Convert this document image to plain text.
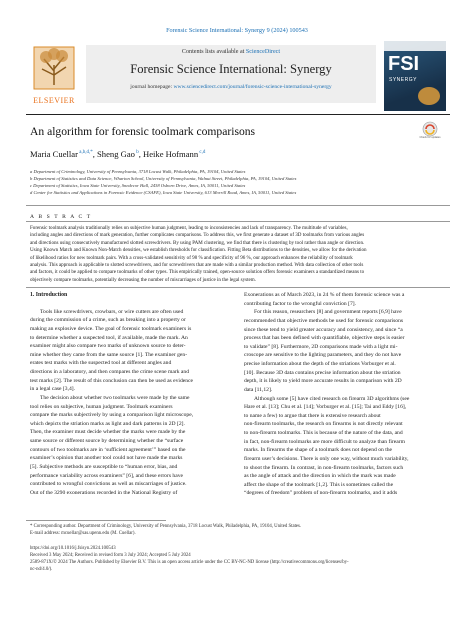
Forensic Science International: Synergy 9 (2024) 100543
ELSEVIER
Contents lists available at ScienceDirect
Forensic Science International: Synergy
journal homepage: www.sciencedirect.com/journal/forensic-science-international-synergy
FSI
SYNERGY
An algorithm for forensic toolmark comparisons	Check for updates
Maria Cuellar $^{a,b,d,*}$, Sheng Gao $^b$, Heike Hofmann $^{c,d}$
a Department of Criminology, University of Pennsylvania, 3718 Locust Walk, Philadelphia, PA, 19104, United States
b Department of Statistics and Data Science, Wharton School, University of Pennsylvania, Walnut Street, Philadelphia, PA, 19104, United States
c Department of Statistics, Iowa State University, Snedecor Hall, 2438 Osborn Drive, Ames, IA, 50011, United States
d Center for Statistics and Applications in Forensic Evidence (CSAFE), Iowa State University, 613 Morrill Road, Ames, IA, 50011, United States
A B S T R A C T
Forensic toolmark analysis traditionally relies on subjective human judgment, leading to inconsistencies and lack of transparency. The multitude of variables,
including angles and directions of mark generation, further complicates comparisons. To address this, we first generate a dataset of 3D toolmarks from various angles
and directions using consecutively manufactured slotted screwdrivers. By using PAM clustering, we find that there is clustering by tool rather than angle or direction.
Using Known Match and Known Non-Match densities, we establish thresholds for classification. Fitting Beta distributions to the densities, we allow for the derivation
of likelihood ratios for new toolmark pairs. With a cross-validated sensitivity of 98 % and specificity of 96 %, our approach enhances the reliability of toolmark
analysis. This approach is applicable to slotted screwdrivers, and for screwdrivers that are made with a similar production method. With data collection of other tools
and factors, it could be applied to compare toolmarks of other types. This empirically trained, open-source solution offers forensic examiners a standardized means to
objectively compare toolmarks, potentially decreasing the number of miscarriages of justice in the legal system.
1. Introduction
Tools like screwdrivers, crowbars, or wire cutters are often used
during the commission of a crime, such as breaking into a property or
making an explosive device. The goal of forensic toolmark examiners is
to determine whether a suspected tool, if available, made the mark. An
examiner might also compare two marks of unknown source to deter-
mine whether they came from the same source [1]. The examiner gen-
erates test marks with the suspected tool at different angles and
directions in a laboratory, and then compares the crime scene mark and
test marks [2]. The result of this conclusion can then be used as evidence
in a legal case [3,4].
The decision about whether two toolmarks were made by the same
tool relies on subjective, human judgment. Toolmark examiners
compare the marks subjectively by using a comparison light microscope,
which depicts the striation marks as light and dark patterns in 2D [2].
Then, the examiner must decide whether the marks were made by the
same source or different source by determining whether the “surface
contours of two toolmarks are in ‘sufficient agreement’” based on the
examiner’s opinion that another tool could not have made the marks
[5]. Subjective methods are susceptible to “human error, bias, and
performance variability across examiners” [6], and these errors have
contributed to wrongful convictions as well as miscarriages of justice.
Out of the 3290 exonerations recorded in the National Registry of
Exonerations as of March 2023, in 24 % of them forensic science was a
contributing factor to the wrongful conviction [7].
For this reason, researchers [8] and government reports [6,9] have
recommended that objective methods be used for forensic comparisons
since these tend to yield greater accuracy and consistency, and since “a
process that has been defined with quantifiable, objective steps is easier
to validate” [8]. Furthermore, 2D comparisons made with a light mi-
croscope are sensitive to the lighting parameters, and they do not have
precise information about the depth of the striations Vorburger et al.
[10]. Because 3D data contains precise information about the striation
depth, it is likely to yield more accurate results in comparison with 2D
data [11,12].
Although some [5] have cited research on firearm 3D algorithms (see
Hare et al. [13]; Chu et al. [14]; Vorburger et al. [15]; Tai and Eddy [16],
to name a few) to argue that there is extensive research about
non-firearm toolmarks, the research on firearms is not directly relevant
to non-firearm toolmarks. This is because of the nature of the data, and
in fact, non-firearm toolmarks are more difficult to analyze than firearm
marks. In firearms the shape of a toolmark does not depend on the
firearm user’s decisions. There is only one way, without much variability,
to shoot the firearm. In contrast, in non-firearm toolmarks, factors such
as the angle of attack and the direction in which the mark was made
affect the shape of the toolmark [1,2]. This is sometimes called the
“degrees of freedom” problem of non-firearm toolmarks, and it adds
* Corresponding author. Department of Criminology, University of Pennsylvania, 3718 Locust Walk, Philadelphia, PA, 19104, United States.
E-mail address: mcuellar@sas.upenn.edu (M. Cuellar).
https://doi.org/10.1016/j.fsisyn.2024.100543
Received 3 May 2024; Received in revised form 3 July 2024; Accepted 5 July 2024
2589-871X/© 2024 The Authors. Published by Elsevier B.V. This is an open access article under the CC BY-NC-ND license (http://creativecommons.org/licenses/by-
nc-nd/4.0/).
